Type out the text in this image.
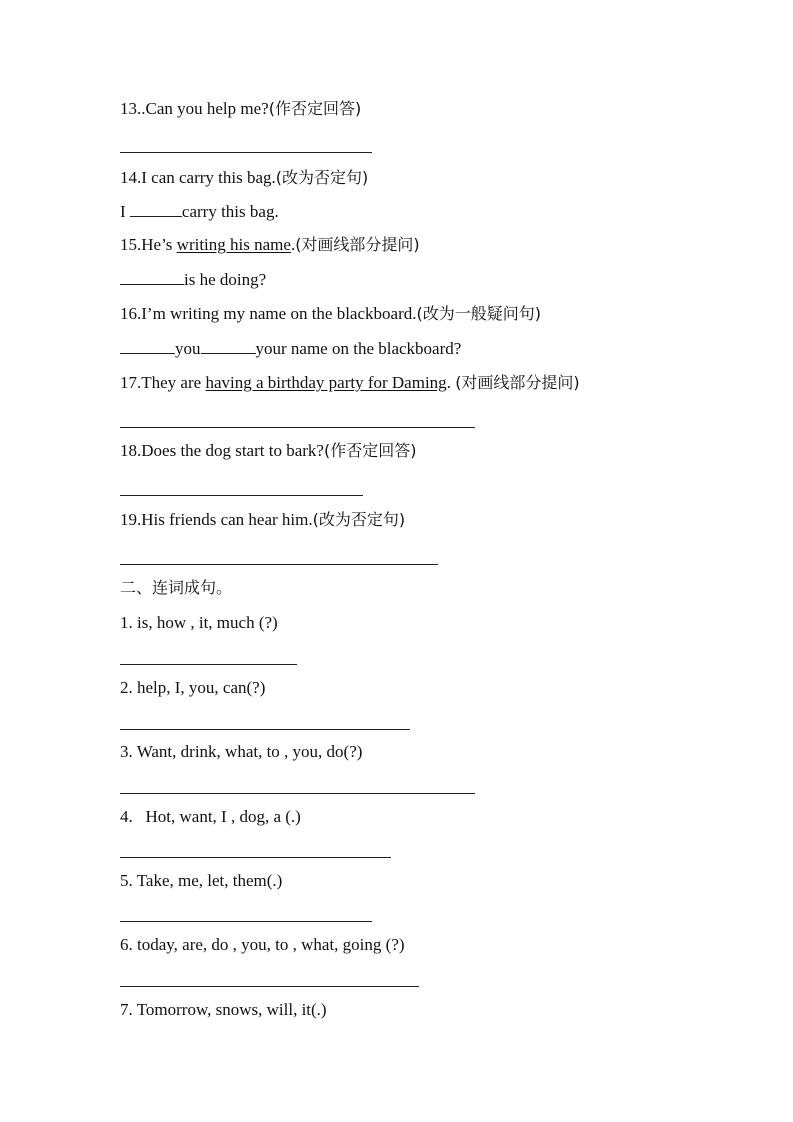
13..Can you help me?(作否定回答)
14.I can carry this bag.(改为否定句)
I	carry this bag.
15.He’s writing his name.(对画线部分提问)
is he doing?
16.I’m writing my name on the blackboard.(改为一般疑问句)
you	your name on the blackboard?
17.They are having a birthday party for Daming. (对画线部分提问)
18.Does the dog start to bark?(作否定回答)
19.His friends can hear him.(改为否定句)
二、连词成句。
1. is, how , it, much (?)
2. help, I, you, can(?)
3. Want, drink, what, to , you, do(?)
4.   Hot, want, I , dog, a (.)
5. Take, me, let, them(.)
6. today, are, do , you, to , what, going (?)
7. Tomorrow, snows, will, it(.)
